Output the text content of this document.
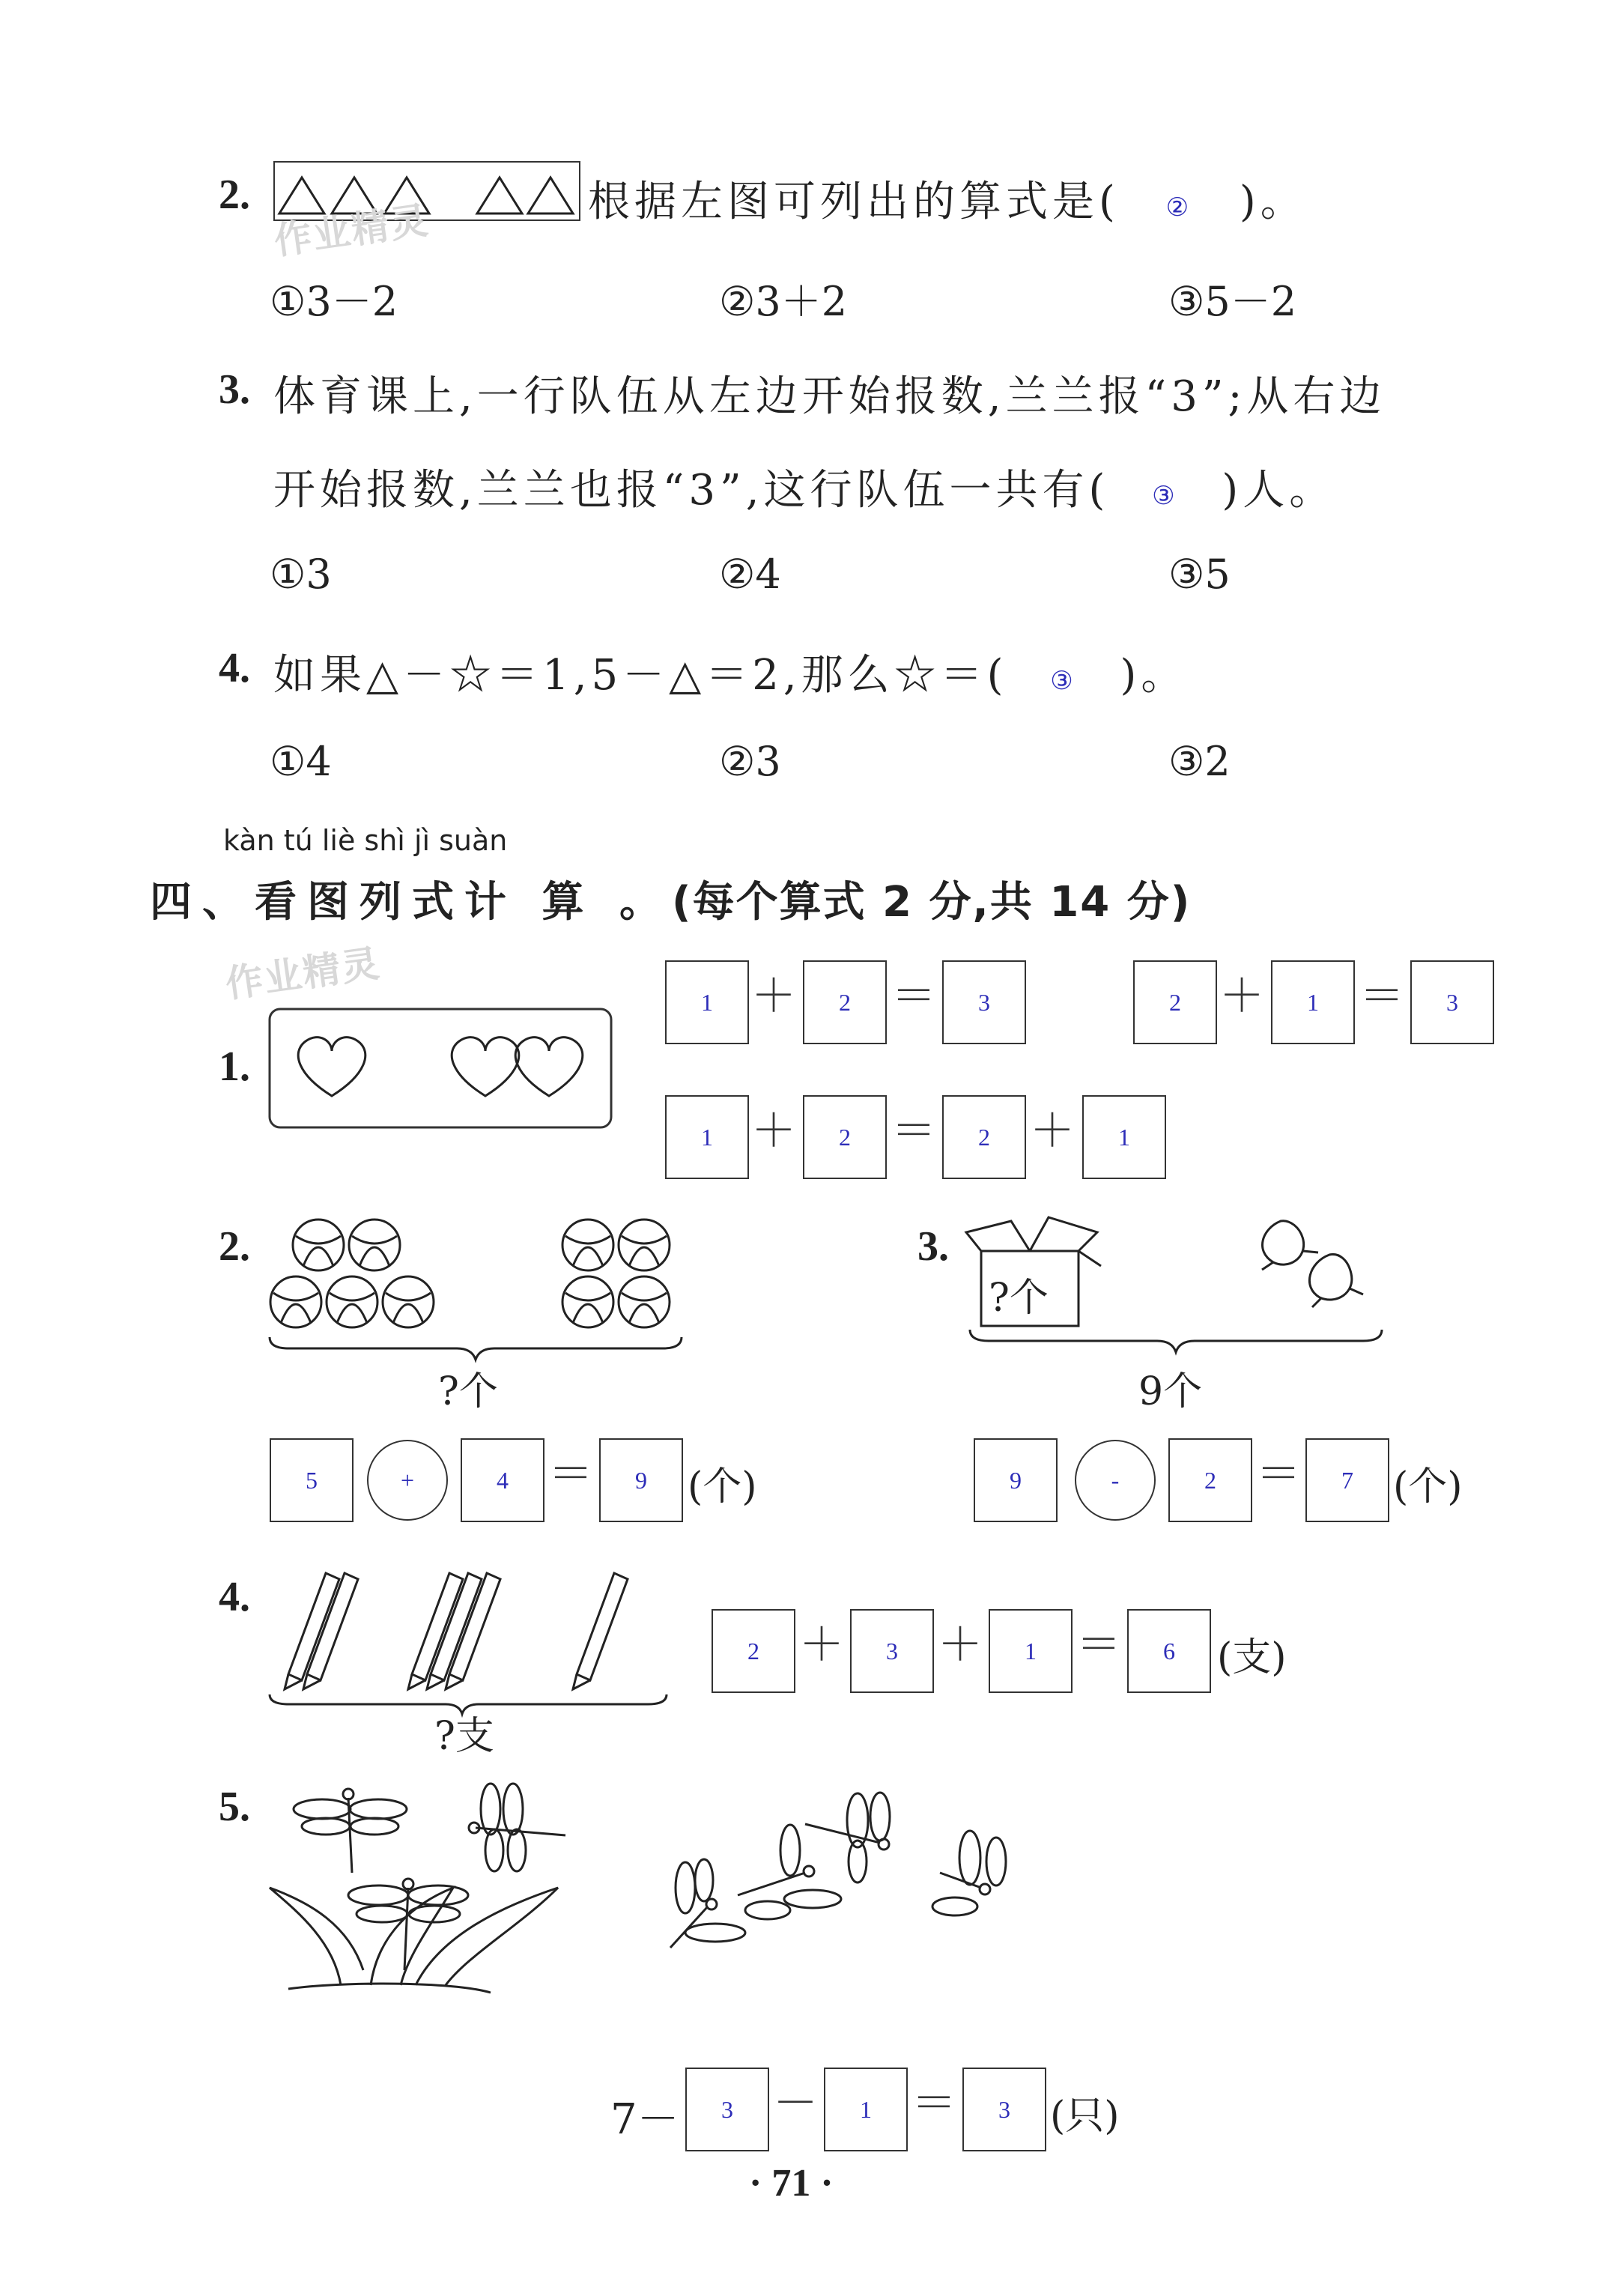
2.
作业精灵	根据左图可列出的算式是( ② )。
①3－2	②3＋2	③5－2
3. 体育课上,一行队伍从左边开始报数,兰兰报“3”;从右边
开始报数,兰兰也报“3”,这行队伍一共有( ③ )人。
①3	②4	③5
4. 如果△－☆＝1,5－△＝2,那么☆＝( ③ )。
①4	②3	③2
kàn tú liè shì jì suàn
四、看图列式计 算 。(每个算式 2 分,共 14 分)
作业精灵
1.
1 ＋	2 ＝	3	2 ＋	1 ＝	3
1 ＋	2 ＝	2 ＋	1
2.
?个
5	+	4 ＝	9	(个)
3.
?个
9个
9	-	2 ＝	7	(个)
4.
?支
2 ＋	3 ＋	1 ＝	6	(支)
5.
7－	3 －	1 ＝	3	(只)
· 71 ·
